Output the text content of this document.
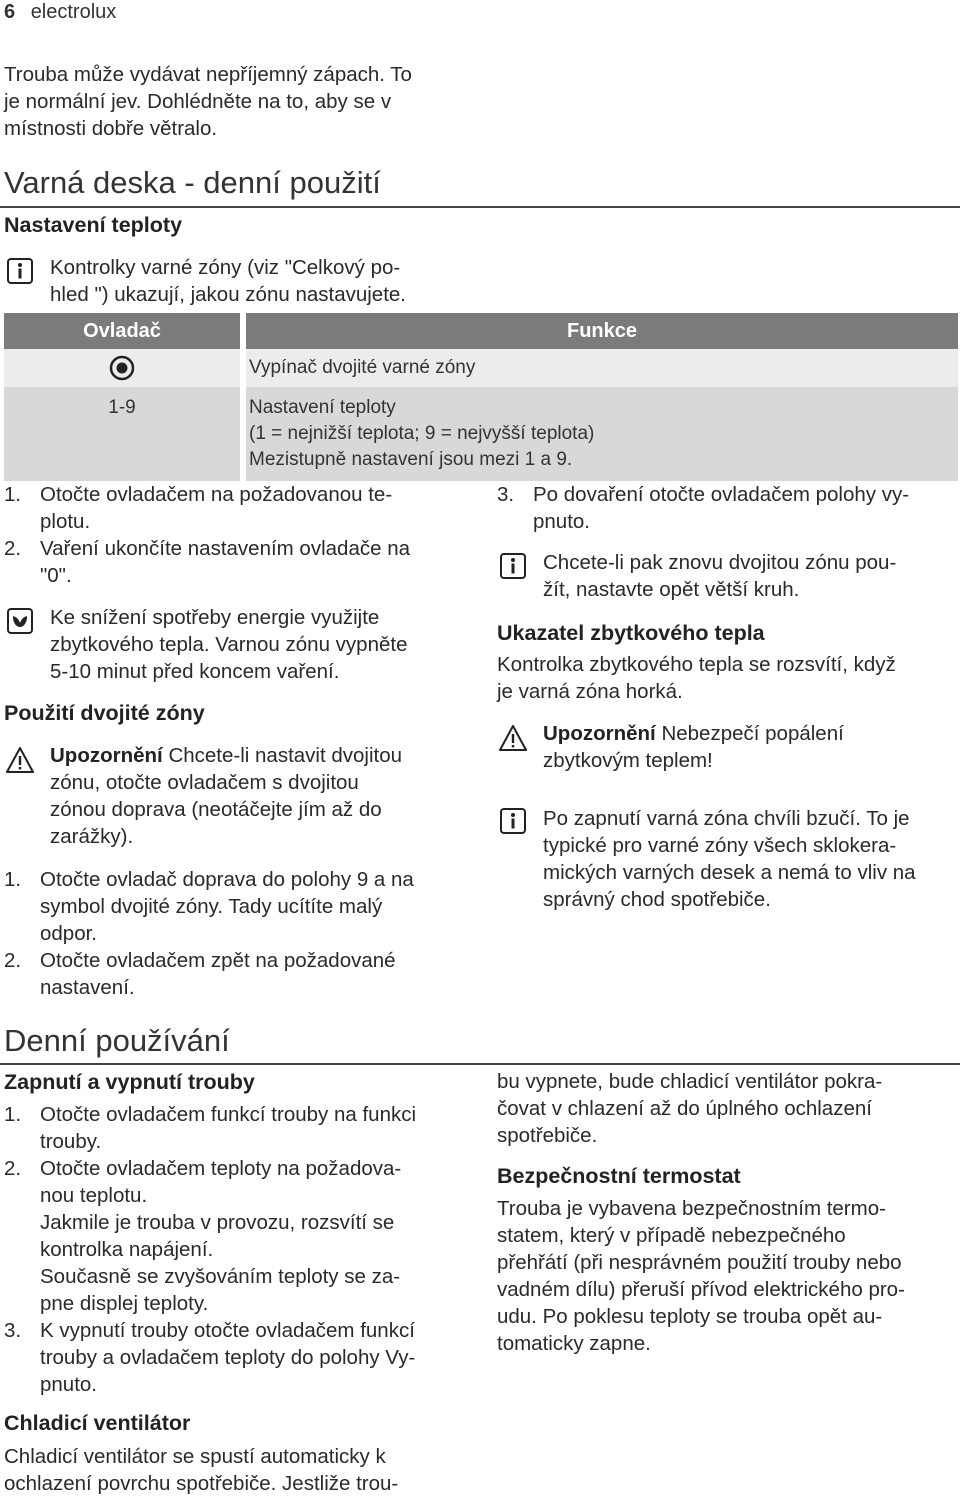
6 electrolux
Trouba může vydávat nepříjemný zápach. To
je normální jev. Dohlédněte na to, aby se v
místnosti dobře větralo.
Varná deska - denní použití
Nastavení teploty
Kontrolky varné zóny (viz "Celkový po-
hled ") ukazují, jakou zónu nastavujete.
Ovladač		Funkce
		Vypínač dvojité varné zóny
1-9		Nastavení teploty
(1 = nejnižší teplota; 9 = nejvyšší teplota)
Mezistupně nastavení jsou mezi 1 a 9.
1. Otočte ovladačem na požadovanou te-
plotu.
2. Vaření ukončíte nastavením ovladače na
"0".
Ke snížení spotřeby energie využijte
zbytkového tepla. Varnou zónu vypněte
5-10 minut před koncem vaření.
Použití dvojité zóny
Upozornění Chcete-li nastavit dvojitou
zónu, otočte ovladačem s dvojitou
zónou doprava (neotáčejte jím až do
zarážky).
1. Otočte ovladač doprava do polohy 9 a na
symbol dvojité zóny. Tady ucítíte malý
odpor.
2. Otočte ovladačem zpět na požadované
nastavení.
3. Po dovaření otočte ovladačem polohy vy-
pnuto.
Chcete-li pak znovu dvojitou zónu pou-
žít, nastavte opět větší kruh.
Ukazatel zbytkového tepla
Kontrolka zbytkového tepla se rozsvítí, když
je varná zóna horká.
Upozornění Nebezpečí popálení
zbytkovým teplem!
Po zapnutí varná zóna chvíli bzučí. To je
typické pro varné zóny všech sklokera-
mických varných desek a nemá to vliv na
správný chod spotřebiče.
Denní používání
Zapnutí a vypnutí trouby
1. Otočte ovladačem funkcí trouby na funkci
trouby.
2. Otočte ovladačem teploty na požadova-
nou teplotu.
Jakmile je trouba v provozu, rozsvítí se
kontrolka napájení.
Současně se zvyšováním teploty se za-
pne displej teploty.
3. K vypnutí trouby otočte ovladačem funkcí
trouby a ovladačem teploty do polohy Vy-
pnuto.
Chladicí ventilátor
Chladicí ventilátor se spustí automaticky k
ochlazení povrchu spotřebiče. Jestliže trou-
bu vypnete, bude chladicí ventilátor pokra-
čovat v chlazení až do úplného ochlazení
spotřebiče.
Bezpečnostní termostat
Trouba je vybavena bezpečnostním termo-
statem, který v případě nebezpečného
přehřátí (při nesprávném použití trouby nebo
vadném dílu) přeruší přívod elektrického pro-
udu. Po poklesu teploty se trouba opět au-
tomaticky zapne.
